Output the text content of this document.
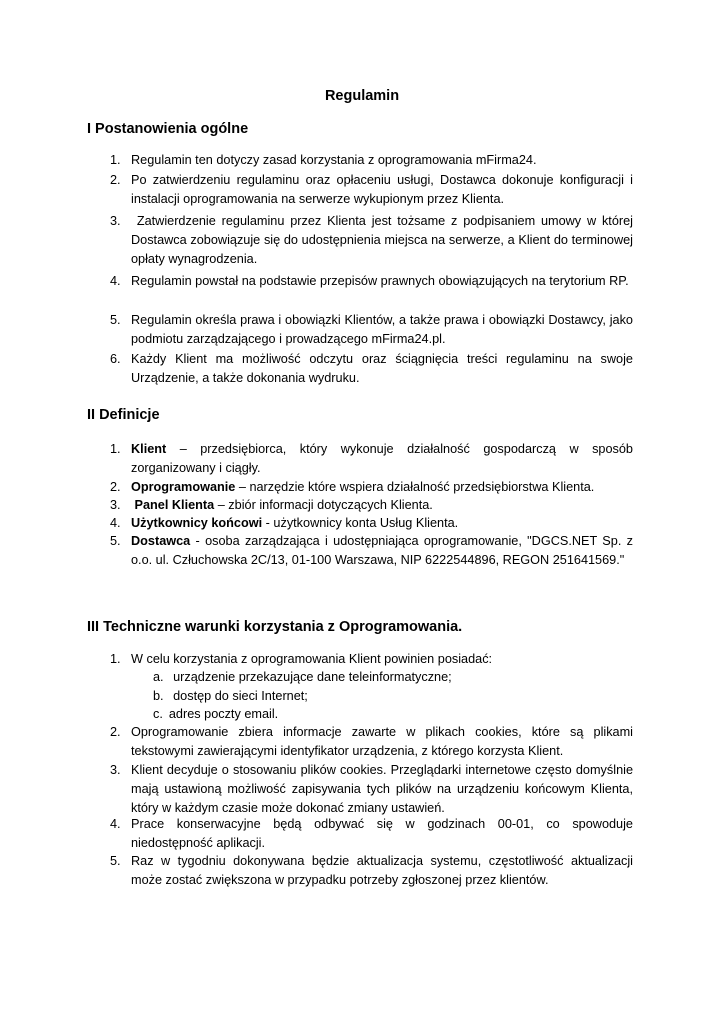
Regulamin
I Postanowienia ogólne
1. Regulamin ten dotyczy zasad korzystania z oprogramowania mFirma24.
2. Po zatwierdzeniu regulaminu oraz opłaceniu usługi, Dostawca dokonuje konfiguracji i instalacji oprogramowania na serwerze wykupionym przez Klienta.
3. Zatwierdzenie regulaminu przez Klienta jest tożsame z podpisaniem umowy w której Dostawca zobowiązuje się do udostępnienia miejsca na serwerze, a Klient do terminowej opłaty wynagrodzenia.
4. Regulamin powstał na podstawie przepisów prawnych obowiązujących na terytorium RP.
5. Regulamin określa prawa i obowiązki Klientów, a także prawa i obowiązki Dostawcy, jako podmiotu zarządzającego i prowadzącego mFirma24.pl.
6. Każdy Klient ma możliwość odczytu oraz ściągnięcia treści regulaminu na swoje Urządzenie, a także dokonania wydruku.
II Definicje
1. Klient – przedsiębiorca, który wykonuje działalność gospodarczą w sposób zorganizowany i ciągły.
2. Oprogramowanie – narzędzie które wspiera działalność przedsiębiorstwa Klienta.
3. Panel Klienta – zbiór informacji dotyczących Klienta.
4. Użytkownicy końcowi - użytkownicy konta Usług Klienta.
5. Dostawca - osoba zarządzająca i udostępniająca oprogramowanie, "DGCS.NET Sp. z o.o. ul. Człuchowska 2C/13, 01-100 Warszawa, NIP 6222544896, REGON 251641569."
III Techniczne warunki korzystania z Oprogramowania.
1. W celu korzystania z oprogramowania Klient powinien posiadać:
a. urządzenie przekazujące dane teleinformatyczne;
b. dostęp do sieci Internet;
c. adres poczty email.
2. Oprogramowanie zbiera informacje zawarte w plikach cookies, które są plikami tekstowymi zawierającymi identyfikator urządzenia, z którego korzysta Klient.
3. Klient decyduje o stosowaniu plików cookies. Przeglądarki internetowe często domyślnie mają ustawioną możliwość zapisywania tych plików na urządzeniu końcowym Klienta, który w każdym czasie może dokonać zmiany ustawień.
4. Prace konserwacyjne będą odbywać się w godzinach 00-01, co spowoduje niedostępność aplikacji.
5. Raz w tygodniu dokonywana będzie aktualizacja systemu, częstotliwość aktualizacji może zostać zwiększona w przypadku potrzeby zgłoszonej przez klientów.
